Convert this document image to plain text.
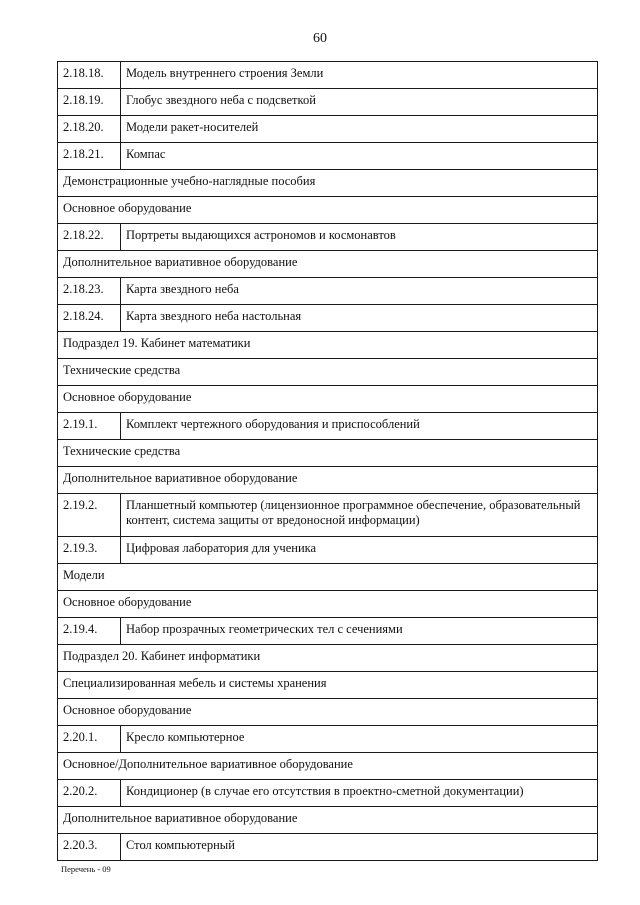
60
2.18.18.	Модель внутреннего строения Земли
2.18.19.	Глобус звездного неба с подсветкой
2.18.20.	Модели ракет-носителей
2.18.21.	Компас
Демонстрационные учебно-наглядные пособия	
Основное оборудование	
2.18.22.	Портреты выдающихся астрономов и космонавтов
Дополнительное вариативное оборудование	
2.18.23.	Карта звездного неба
2.18.24.	Карта звездного неба настольная
Подраздел 19. Кабинет математики	
Технические средства	
Основное оборудование	
2.19.1.	Комплект чертежного оборудования и приспособлений
Технические средства	
Дополнительное вариативное оборудование	
2.19.2.	Планшетный компьютер (лицензионное программное обеспечение, образовательный контент, система защиты от вредоносной информации)
2.19.3.	Цифровая лаборатория для ученика
Модели	
Основное оборудование	
2.19.4.	Набор прозрачных геометрических тел с сечениями
Подраздел 20. Кабинет информатики	
Специализированная мебель и системы хранения	
Основное оборудование	
2.20.1.	Кресло компьютерное
Основное/Дополнительное вариативное оборудование	
2.20.2.	Кондиционер (в случае его отсутствия в проектно-сметной документации)
Дополнительное вариативное оборудование	
2.20.3.	Стол компьютерный
Перечень - 09
